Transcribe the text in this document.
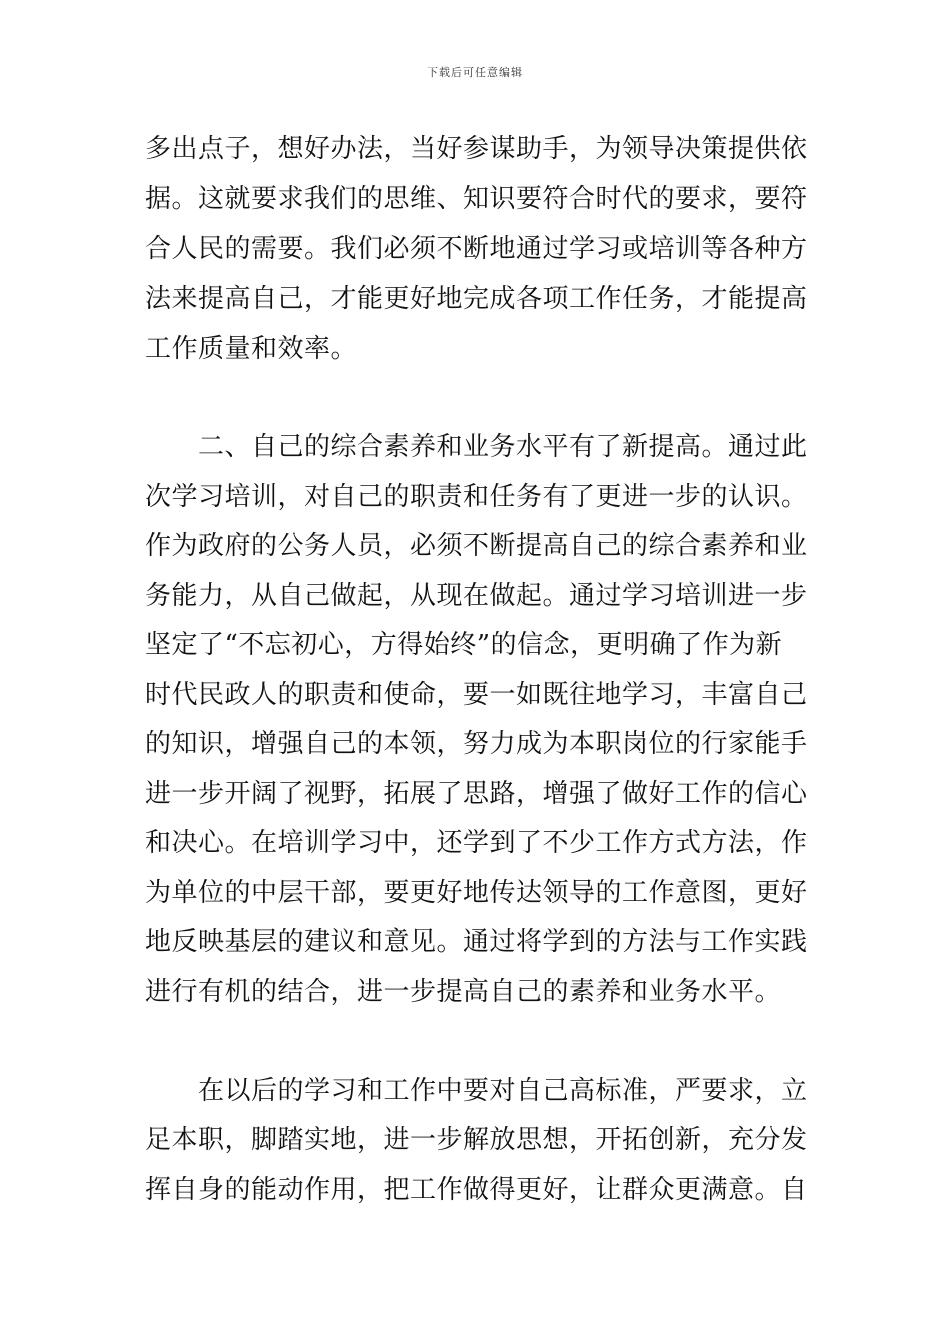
下载后可任意编辑
多出点子，想好办法，当好参谋助手，为领导决策提供依
据。这就要求我们的思维、知识要符合时代的要求，要符
合人民的需要。我们必须不断地通过学习或培训等各种方
法来提高自己，才能更好地完成各项工作任务，才能提高
工作质量和效率。
二、自己的综合素养和业务水平有了新提高。通过此
次学习培训，对自己的职责和任务有了更进一步的认识。
作为政府的公务人员，必须不断提高自己的综合素养和业
务能力，从自己做起，从现在做起。通过学习培训进一步
坚定了“不忘初心，方得始终”的信念，更明确了作为新
时代民政人的职责和使命，要一如既往地学习，丰富自己
的知识，增强自己的本领，努力成为本职岗位的行家能手
进一步开阔了视野，拓展了思路，增强了做好工作的信心
和决心。在培训学习中，还学到了不少工作方式方法，作
为单位的中层干部，要更好地传达领导的工作意图，更好
地反映基层的建议和意见。通过将学到的方法与工作实践
进行有机的结合，进一步提高自己的素养和业务水平。
在以后的学习和工作中要对自己高标准，严要求，立
足本职，脚踏实地，进一步解放思想，开拓创新，充分发
挥自身的能动作用，把工作做得更好，让群众更满意。自
